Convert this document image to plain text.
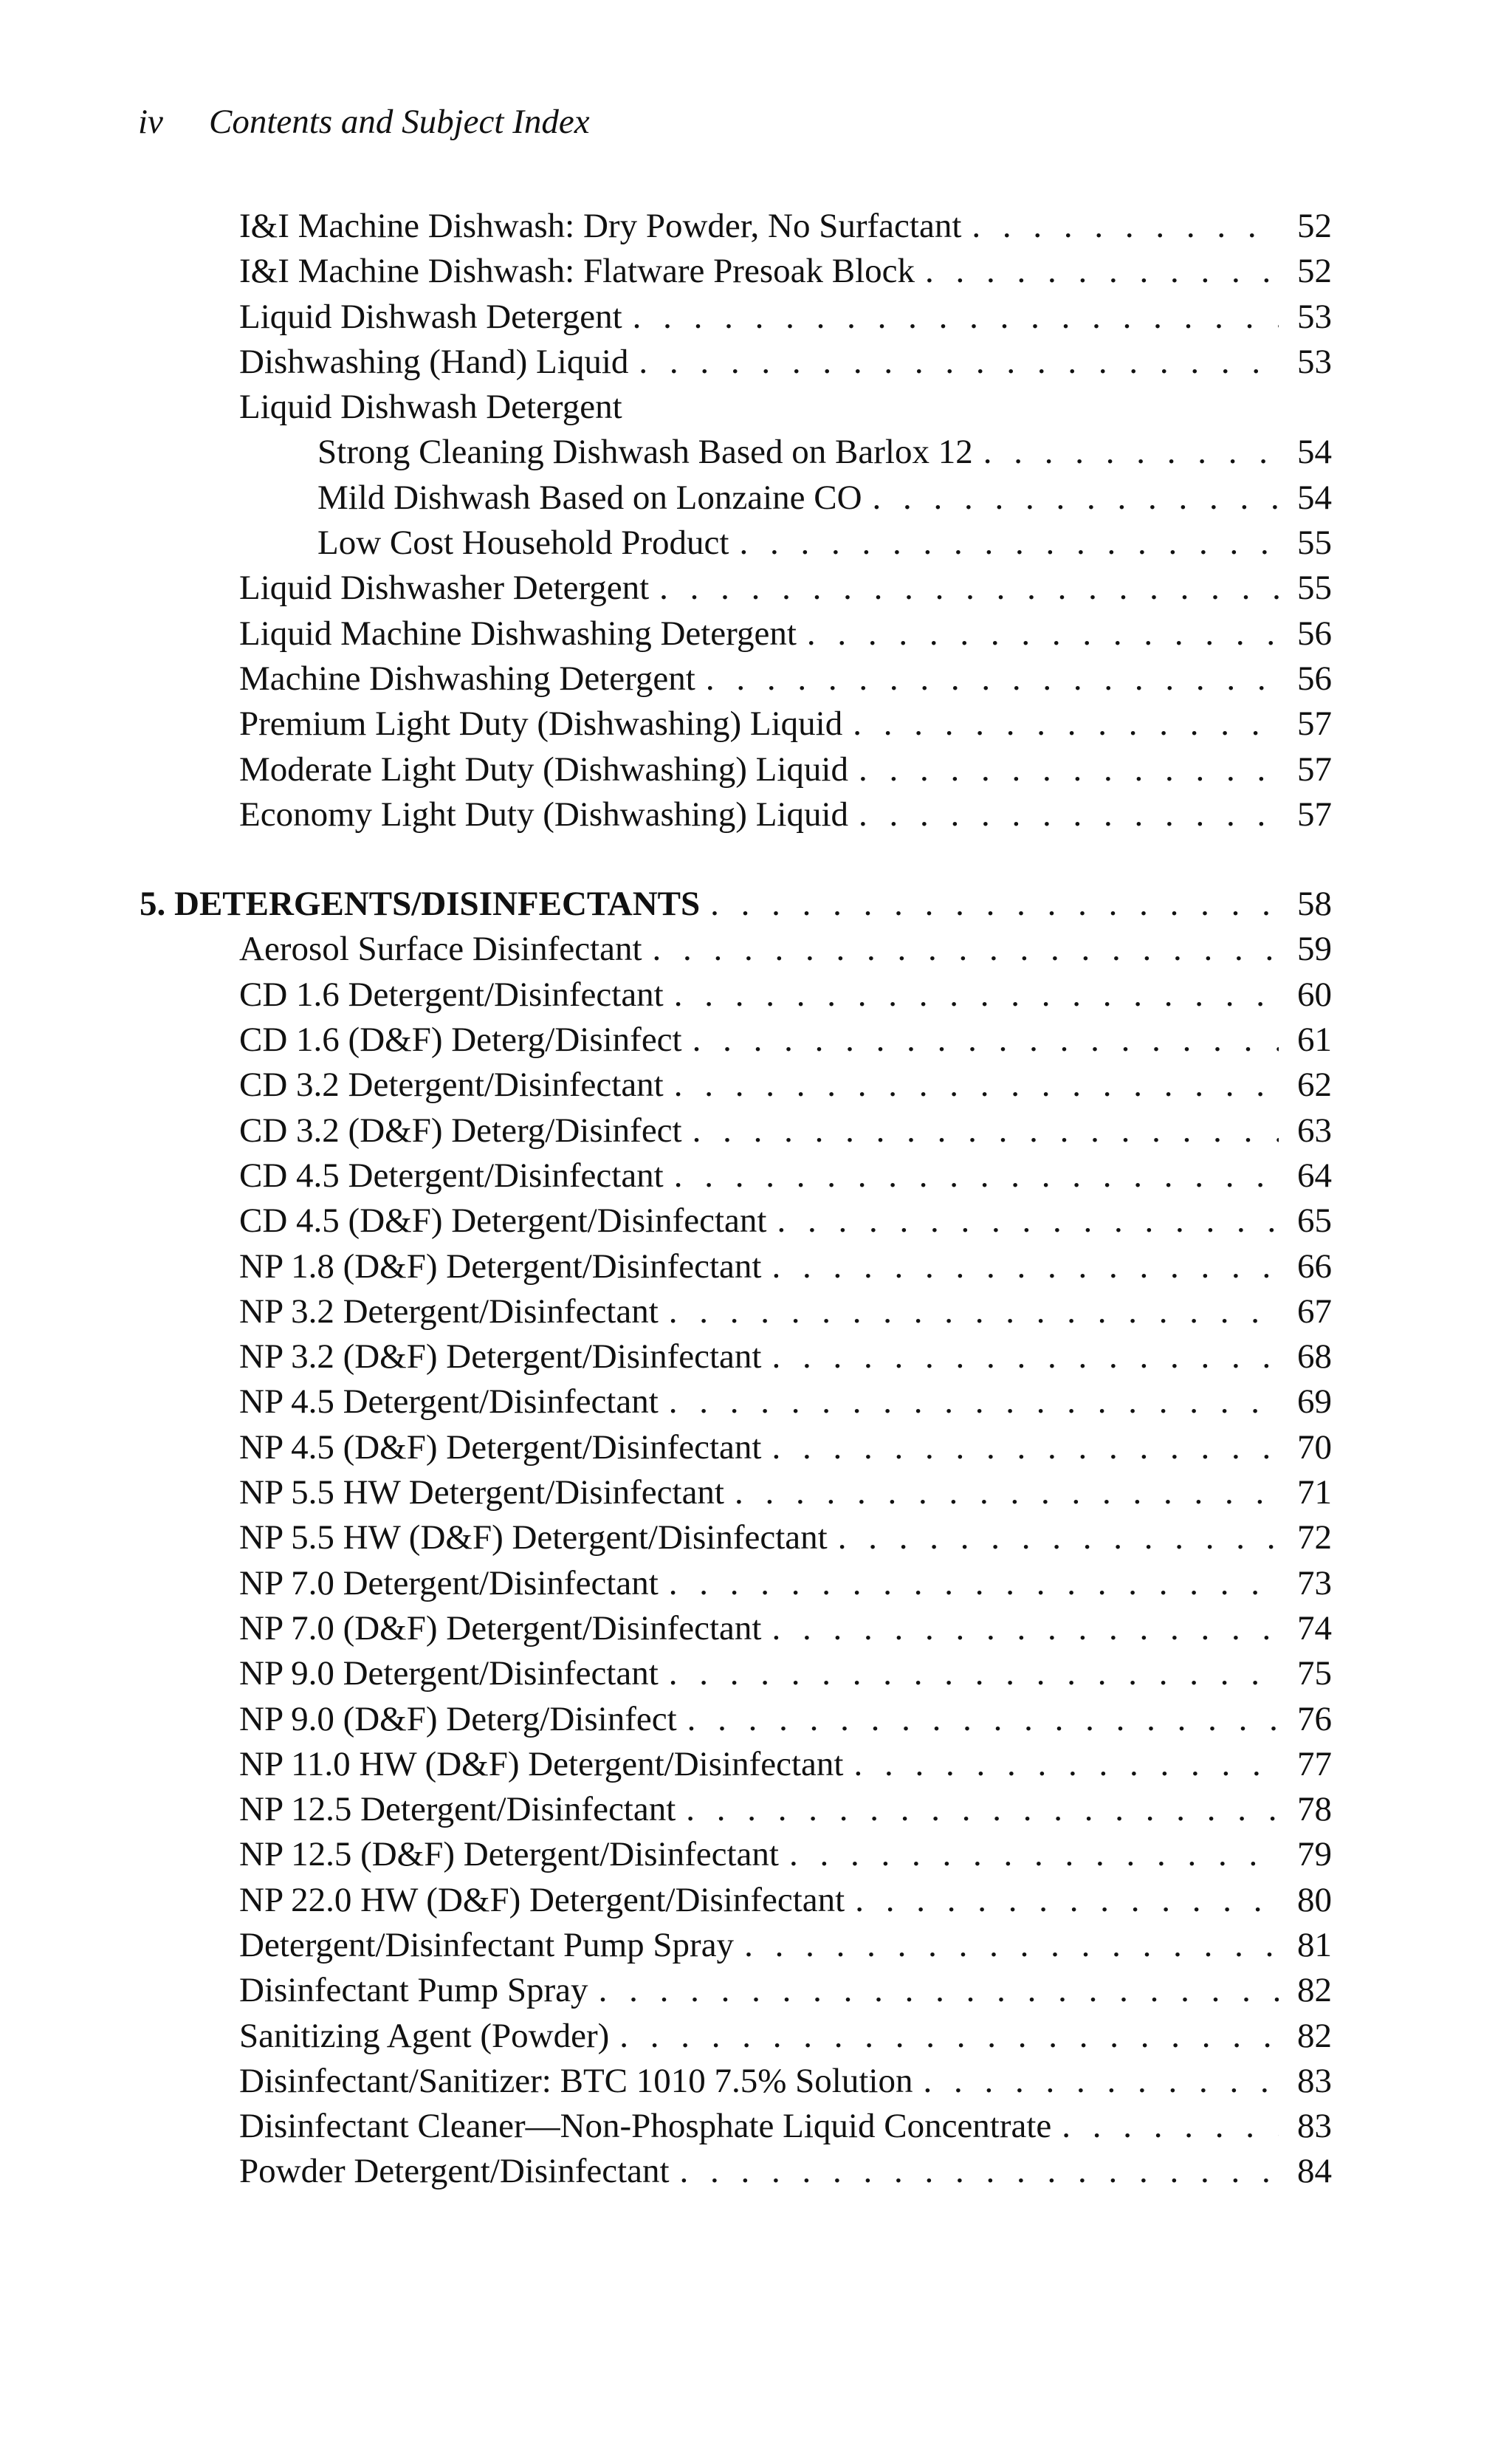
iv Contents and Subject Index
I&I Machine Dishwash: Dry Powder, No Surfactant . . .	52
I&I Machine Dishwash: Flatware Presoak Block . . .	52
Liquid Dishwash Detergent . . .	53
Dishwashing (Hand) Liquid . . .	53
Liquid Dishwash Detergent
Strong Cleaning Dishwash Based on Barlox 12 . . .	54
Mild Dishwash Based on Lonzaine CO . . .	54
Low Cost Household Product . . .	55
Liquid Dishwasher Detergent . . .	55
Liquid Machine Dishwashing Detergent . . .	56
Machine Dishwashing Detergent . . .	56
Premium Light Duty (Dishwashing) Liquid . . .	57
Moderate Light Duty (Dishwashing) Liquid . . .	57
Economy Light Duty (Dishwashing) Liquid . . .	57
5. DETERGENTS/DISINFECTANTS . . .	58
Aerosol Surface Disinfectant . . .	59
CD 1.6 Detergent/Disinfectant . . .	60
CD 1.6 (D&F) Deterg/Disinfect . . .	61
CD 3.2 Detergent/Disinfectant . . .	62
CD 3.2 (D&F) Deterg/Disinfect . . .	63
CD 4.5 Detergent/Disinfectant . . .	64
CD 4.5 (D&F) Detergent/Disinfectant . . .	65
NP 1.8 (D&F) Detergent/Disinfectant . . .	66
NP 3.2 Detergent/Disinfectant . . .	67
NP 3.2 (D&F) Detergent/Disinfectant . . .	68
NP 4.5 Detergent/Disinfectant . . .	69
NP 4.5 (D&F) Detergent/Disinfectant . . .	70
NP 5.5 HW Detergent/Disinfectant . . .	71
NP 5.5 HW (D&F) Detergent/Disinfectant . . .	72
NP 7.0 Detergent/Disinfectant . . .	73
NP 7.0 (D&F) Detergent/Disinfectant . . .	74
NP 9.0 Detergent/Disinfectant . . .	75
NP 9.0 (D&F) Deterg/Disinfect . . .	76
NP 11.0 HW (D&F) Detergent/Disinfectant . . .	77
NP 12.5 Detergent/Disinfectant . . .	78
NP 12.5 (D&F) Detergent/Disinfectant . . .	79
NP 22.0 HW (D&F) Detergent/Disinfectant . . .	80
Detergent/Disinfectant Pump Spray . . .	81
Disinfectant Pump Spray . . .	82
Sanitizing Agent (Powder) . . .	82
Disinfectant/Sanitizer: BTC 1010 7.5% Solution . . .	83
Disinfectant Cleaner—Non-Phosphate Liquid Concentrate . . .	83
Powder Detergent/Disinfectant . . .	84
